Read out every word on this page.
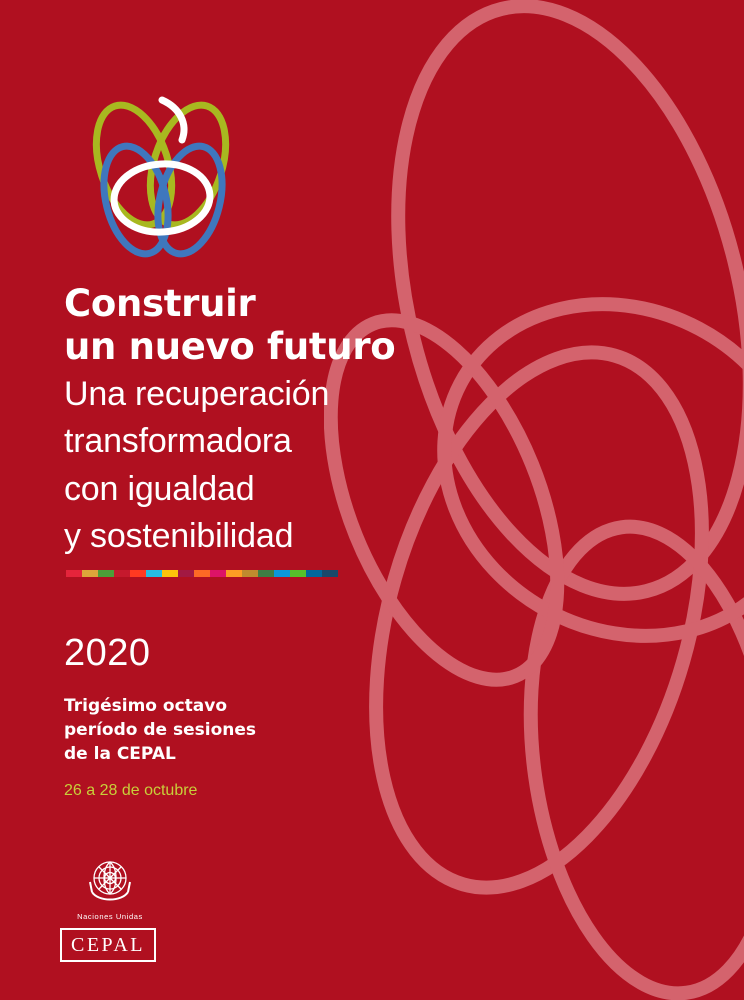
Construir
un nuevo futuro
Una recuperación
transformadora
con igualdad
y sostenibilidad
2020
Trigésimo octavo
período de sesiones
de la CEPAL
26 a 28 de octubre
Naciones Unidas
CEPAL
